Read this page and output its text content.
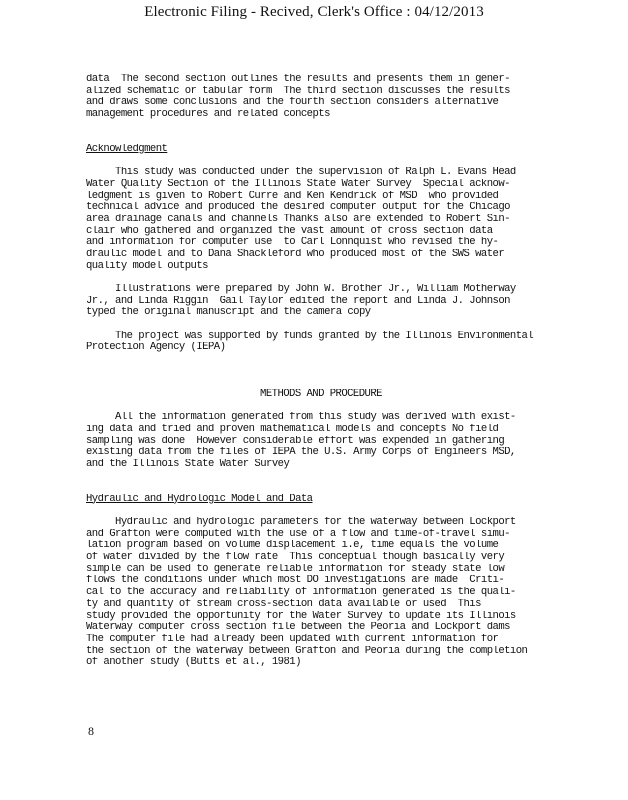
Electronic Filing - Recived, Clerk's Office : 04/12/2013
data  The second section outlines the results and presents them in gener-
alized schematic or tabular form  The third section discusses the results
and draws some conclusions and the fourth section considers alternative
management procedures and related concepts
Acknowledgment
This study was conducted under the supervision of Ralph L. Evans Head
Water Quality Section of the Illinois State Water Survey  Special acknow-
ledgment is given to Robert Curre and Ken Kendrick of MSD  who provided
technical advice and produced the desired computer output for the Chicago
area drainage canals and channels Thanks also are extended to Robert Sin-
clair who gathered and organized the vast amount of cross section data
and information for computer use  to Carl Lonnquist who revised the hy-
draulic model and to Dana Shackleford who produced most of the SWS water
quality model outputs
Illustrations were prepared by John W. Brother Jr., William Motherway
Jr., and Linda Riggin  Gail Taylor edited the report and Linda J. Johnson
typed the original manuscript and the camera copy
The project was supported by funds granted by the Illinois Environmental
Protection Agency (IEPA)
METHODS AND PROCEDURE
All the information generated from this study was derived with exist-
ing data and tried and proven mathematical models and concepts No field
sampling was done  However considerable effort was expended in gathering
existing data from the files of IEPA the U.S. Army Corps of Engineers MSD,
and the Illinois State Water Survey
Hydraulic and Hydrologic Model and Data
Hydraulic and hydrologic parameters for the waterway between Lockport
and Grafton were computed with the use of a flow and time-of-travel simu-
lation program based on volume displacement i.e, time equals the volume
of water divided by the flow rate  This conceptual though basically very
simple can be used to generate reliable information for steady state low
flows the conditions under which most DO investigations are made  Criti-
cal to the accuracy and reliability of information generated is the quali-
ty and quantity of stream cross-section data available or used  This
study provided the opportunity for the Water Survey to update its Illinois
Waterway computer cross section file between the Peoria and Lockport dams
The computer file had already been updated with current information for
the section of the waterway between Grafton and Peoria during the completion
of another study (Butts et al., 1981)
8
